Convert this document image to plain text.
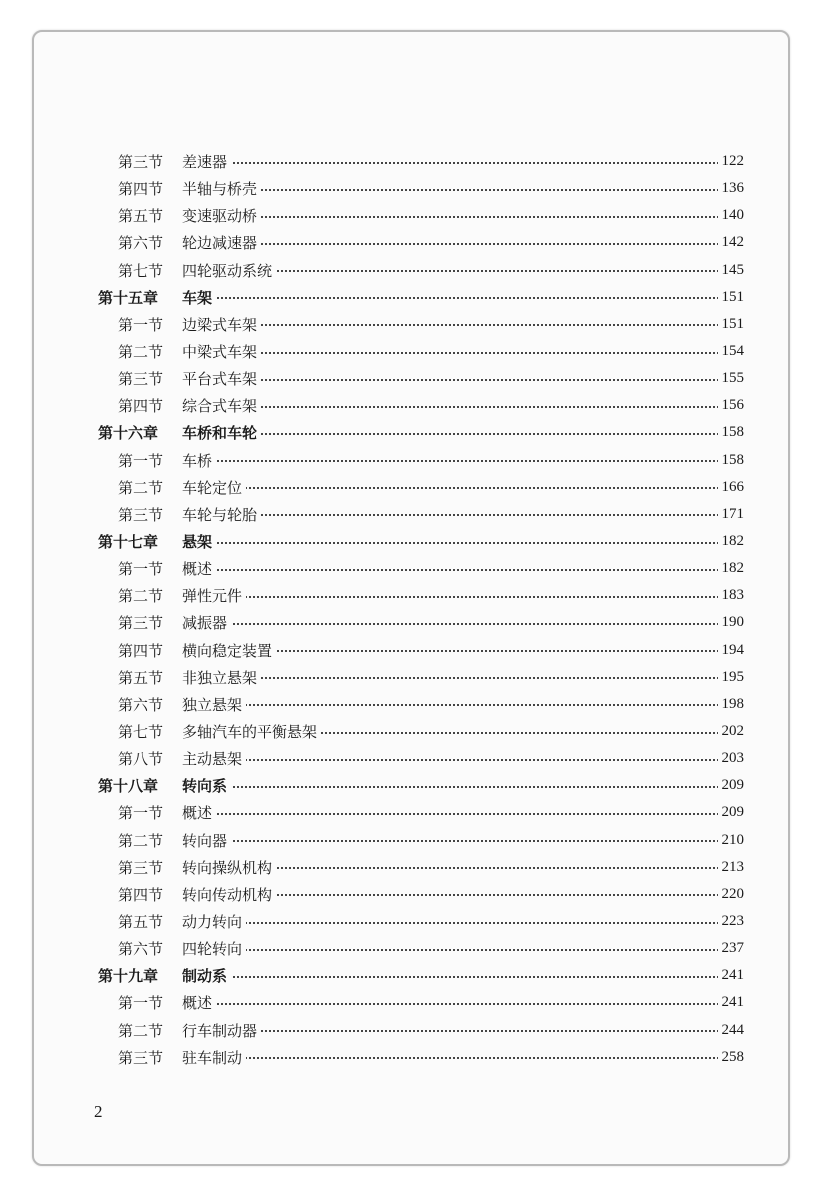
第三节 差速器	122
第四节 半轴与桥壳	136
第五节 变速驱动桥	140
第六节 轮边减速器	142
第七节 四轮驱动系统	145
第十五章 车架	151
第一节 边梁式车架	151
第二节 中梁式车架	154
第三节 平台式车架	155
第四节 综合式车架	156
第十六章 车桥和车轮	158
第一节 车桥	158
第二节 车轮定位	166
第三节 车轮与轮胎	171
第十七章 悬架	182
第一节 概述	182
第二节 弹性元件	183
第三节 减振器	190
第四节 横向稳定装置	194
第五节 非独立悬架	195
第六节 独立悬架	198
第七节 多轴汽车的平衡悬架	202
第八节 主动悬架	203
第十八章 转向系	209
第一节 概述	209
第二节 转向器	210
第三节 转向操纵机构	213
第四节 转向传动机构	220
第五节 动力转向	223
第六节 四轮转向	237
第十九章 制动系	241
第一节 概述	241
第二节 行车制动器	244
第三节 驻车制动	258
2
